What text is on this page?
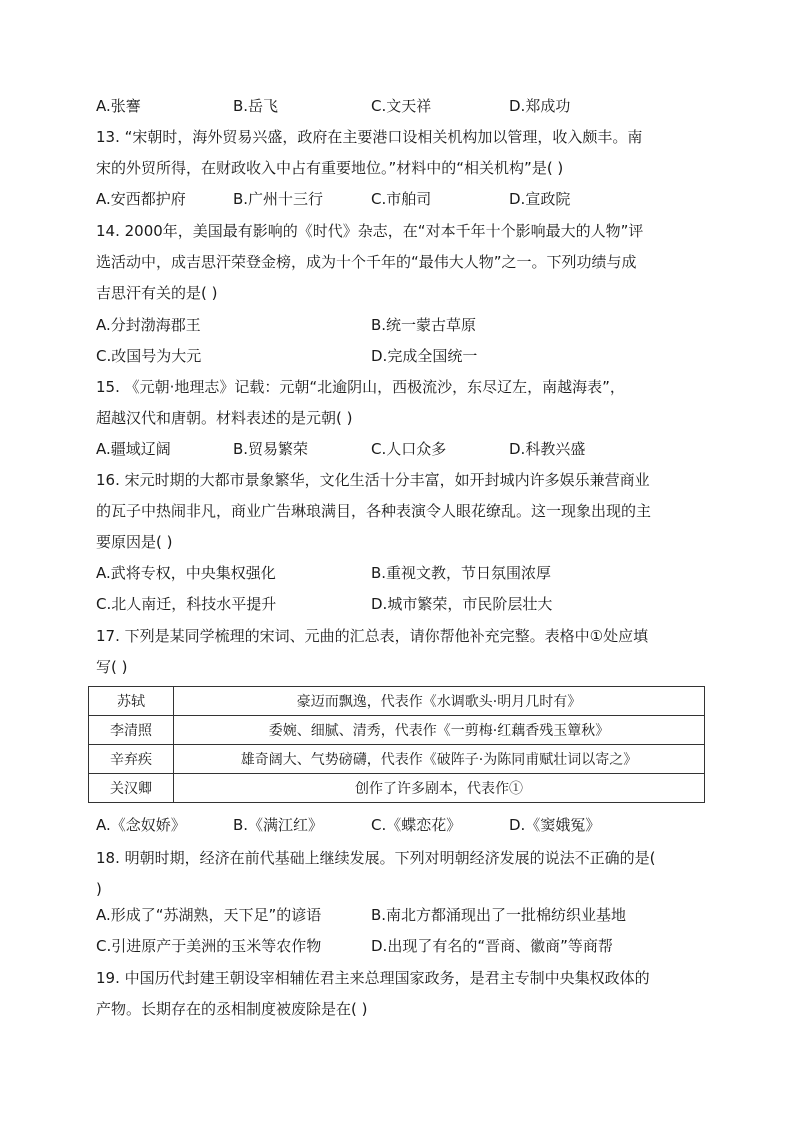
A.张謇	B.岳飞	C.文天祥	D.郑成功
13. “宋朝时，海外贸易兴盛，政府在主要港口设相关机构加以管理，收入颇丰。南
宋的外贸所得，在财政收入中占有重要地位。”材料中的“相关机构”是( )
A.安西都护府	B.广州十三行	C.市舶司	D.宣政院
14. 2000年，美国最有影响的《时代》杂志，在“对本千年十个影响最大的人物”评
选活动中，成吉思汗荣登金榜，成为十个千年的“最伟大人物”之一。下列功绩与成
吉思汗有关的是( )
A.分封渤海郡王	B.统一蒙古草原
C.改国号为大元	D.完成全国统一
15. 《元朝·地理志》记载：元朝“北逾阴山，西极流沙，东尽辽左，南越海表”，
超越汉代和唐朝。材料表述的是元朝( )
A.疆域辽阔	B.贸易繁荣	C.人口众多	D.科教兴盛
16. 宋元时期的大都市景象繁华，文化生活十分丰富，如开封城内许多娱乐兼营商业
的瓦子中热闹非凡，商业广告琳琅满目，各种表演令人眼花缭乱。这一现象出现的主
要原因是( )
A.武将专权，中央集权强化	B.重视文教，节日氛围浓厚
C.北人南迁，科技水平提升	D.城市繁荣，市民阶层壮大
17. 下列是某同学梳理的宋词、元曲的汇总表，请你帮他补充完整。表格中①处应填
写( )
苏轼	豪迈而飘逸，代表作《水调歌头·明月几时有》
李清照	委婉、细腻、清秀，代表作《一剪梅·红藕香残玉簟秋》
辛弃疾	雄奇阔大、气势磅礴，代表作《破阵子·为陈同甫赋壮词以寄之》
关汉卿	创作了许多剧本，代表作①
A.《念奴娇》	B.《满江红》	C.《蝶恋花》	D.《窦娥冤》
18. 明朝时期，经济在前代基础上继续发展。下列对明朝经济发展的说法不正确的是(
)
A.形成了“苏湖熟，天下足”的谚语	B.南北方都涌现出了一批棉纺织业基地
C.引进原产于美洲的玉米等农作物	D.出现了有名的“晋商、徽商”等商帮
19. 中国历代封建王朝设宰相辅佐君主来总理国家政务，是君主专制中央集权政体的
产物。长期存在的丞相制度被废除是在( )
